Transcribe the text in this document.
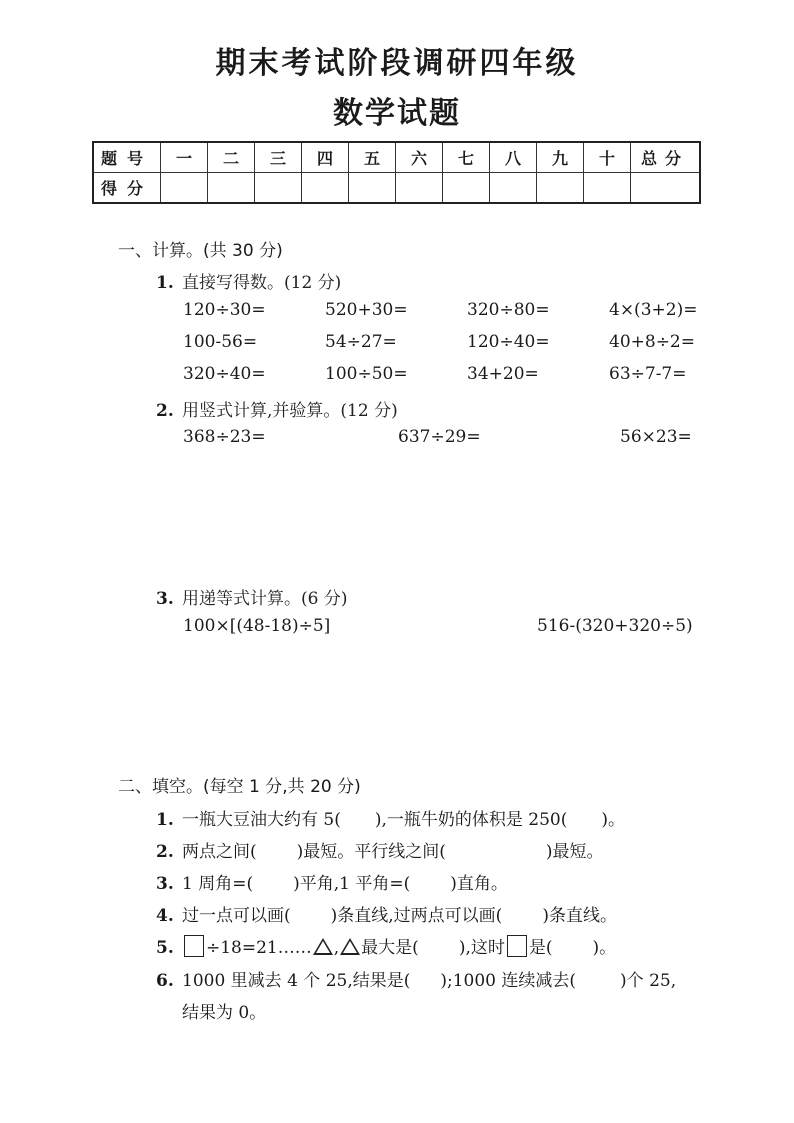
期末考试阶段调研四年级
数学试题
题号	一	二	三	四	五	六	七	八	九	十	总分
得分											
一、计算。(共 30 分)
1. 直接写得数。(12 分)
120÷30=	520+30=	320÷80=	4×(3+2)=
100-56=	54÷27=	120÷40=	40+8÷2=
320÷40=	100÷50=	34+20=	63÷7-7=
2. 用竖式计算,并验算。(12 分)
368÷23=	637÷29=	56×23=
3. 用递等式计算。(6 分)
100×[(48-18)÷5]	516-(320+320÷5)
二、填空。(每空 1 分,共 20 分)
1. 一瓶大豆油大约有 5( ),一瓶牛奶的体积是 250( )。
2. 两点之间( )最短。平行线之间(	)最短。
3. 1 周角=( )平角,1 平角=( )直角。
4. 过一点可以画( )条直线,过两点可以画( )条直线。
5. ÷18=21…… , 最大是( ),这时 是( )。
6. 1000 里减去 4 个 25,结果是( );1000 连续减去(	)个 25,
结果为 0。
